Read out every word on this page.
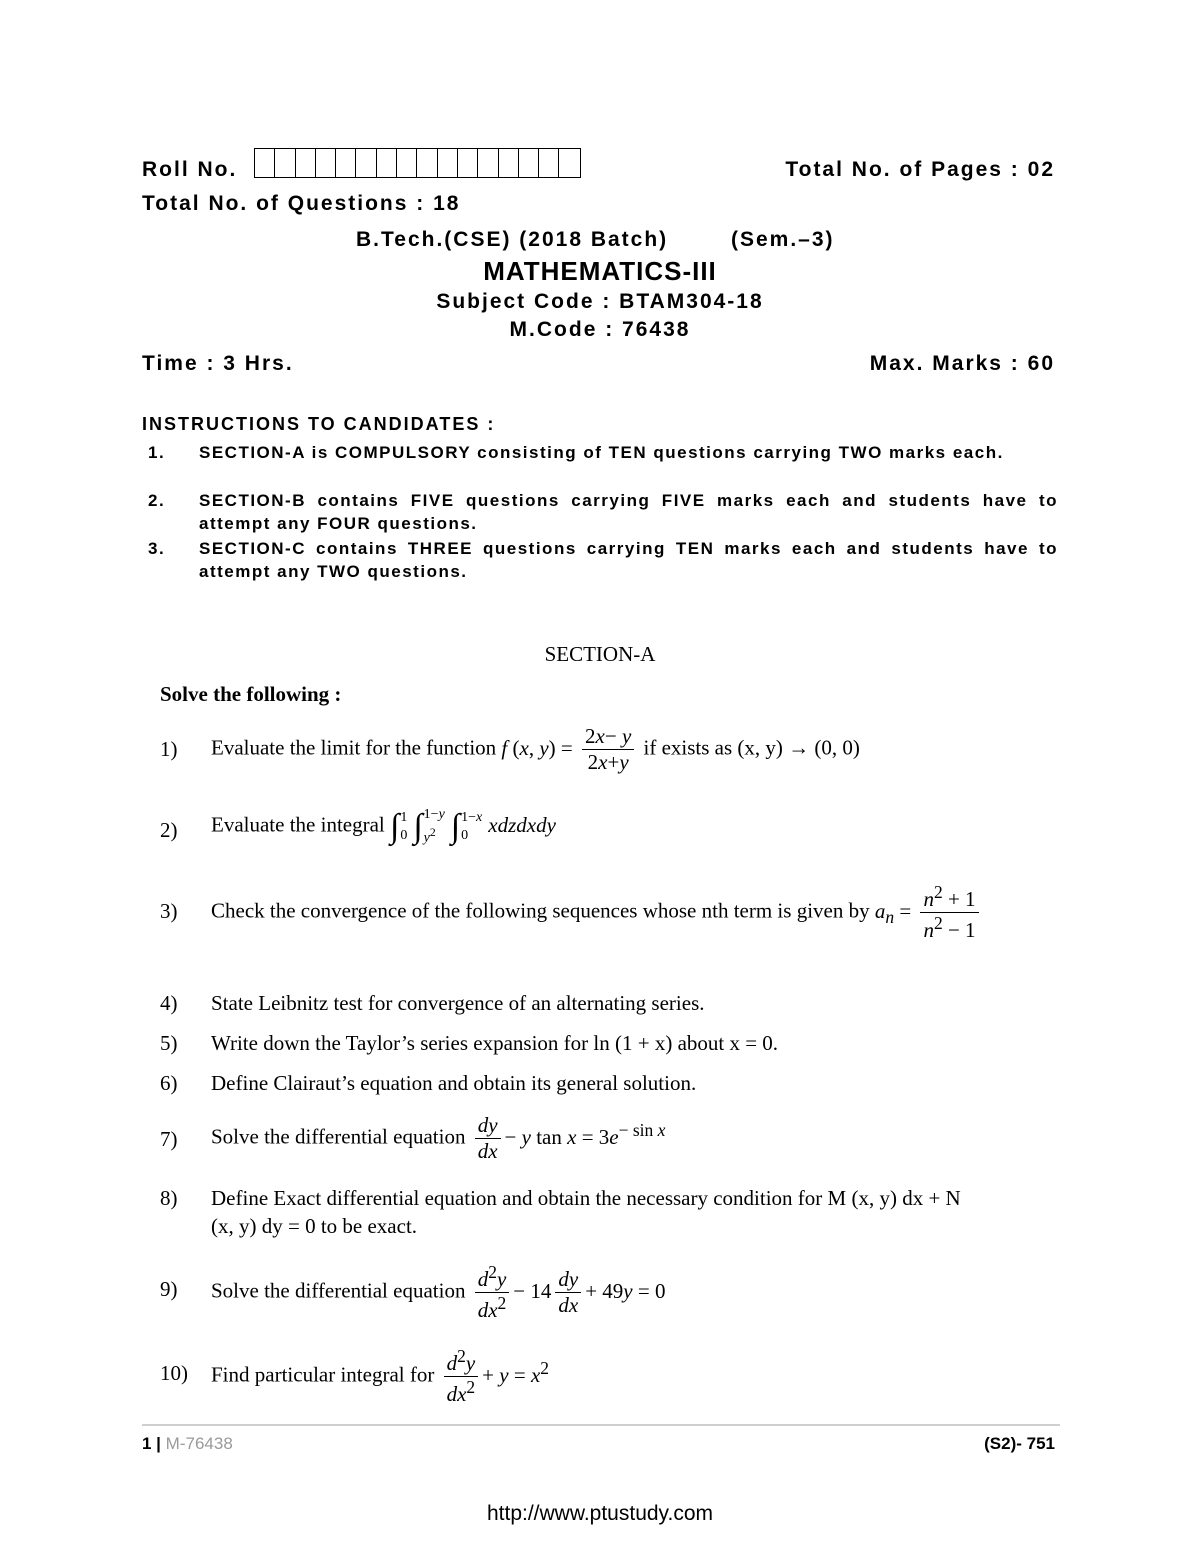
Roll No.	Total No. of Pages : 02
Total No. of Questions : 18
B.Tech.(CSE) (2018 Batch)	(Sem.–3)
MATHEMATICS-III
Subject Code : BTAM304-18
M.Code : 76438
Time : 3 Hrs.	Max. Marks : 60
INSTRUCTIONS TO CANDIDATES :
1.	SECTION-A is COMPULSORY consisting of TEN questions carrying TWO marks each.
2.	SECTION-B contains FIVE questions carrying FIVE marks each and students have to attempt any FOUR questions.
3.	SECTION-C contains THREE questions carrying TEN marks each and students have to attempt any TWO questions.
SECTION-A
Solve the following :
1) Evaluate the limit for the function f (x, $y) = \frac{2x- y}{2x+y}$ if exists as (x, y) → (0, 0)
2) Evaluate the integral ∫ 1
0 ∫ 1−y
$y^2$ ∫ 1−x
0 xdzdxdy
3) Check the convergence of the following sequences whose nth term is given by $a_n = \frac{n^2 + 1}{n^2 - 1}$
4) State Leibnitz test for convergence of an alternating series.
5) Write down the Taylor’s series expansion for ln (1 + x) about x = 0.
6) Define Clairaut’s equation and obtain its general solution.
7) Solve the differential equation $\frac{dy}{dx} - y$ $\tan x = 3e^{- sin x}$
8) Define Exact differential equation and obtain the necessary condition for M (x, y) dx + N
(x, y) dy = 0 to be exact.
9) Solve the differential equation $\frac{d^2y}{dx^2} - 14 \frac{dy}{dx} + 49y = 0$
10) Find particular integral for $\frac{d^2y}{dx^2} + y = x^2$
1 | M-76438	(S2)- 751
http://www.ptustudy.com
